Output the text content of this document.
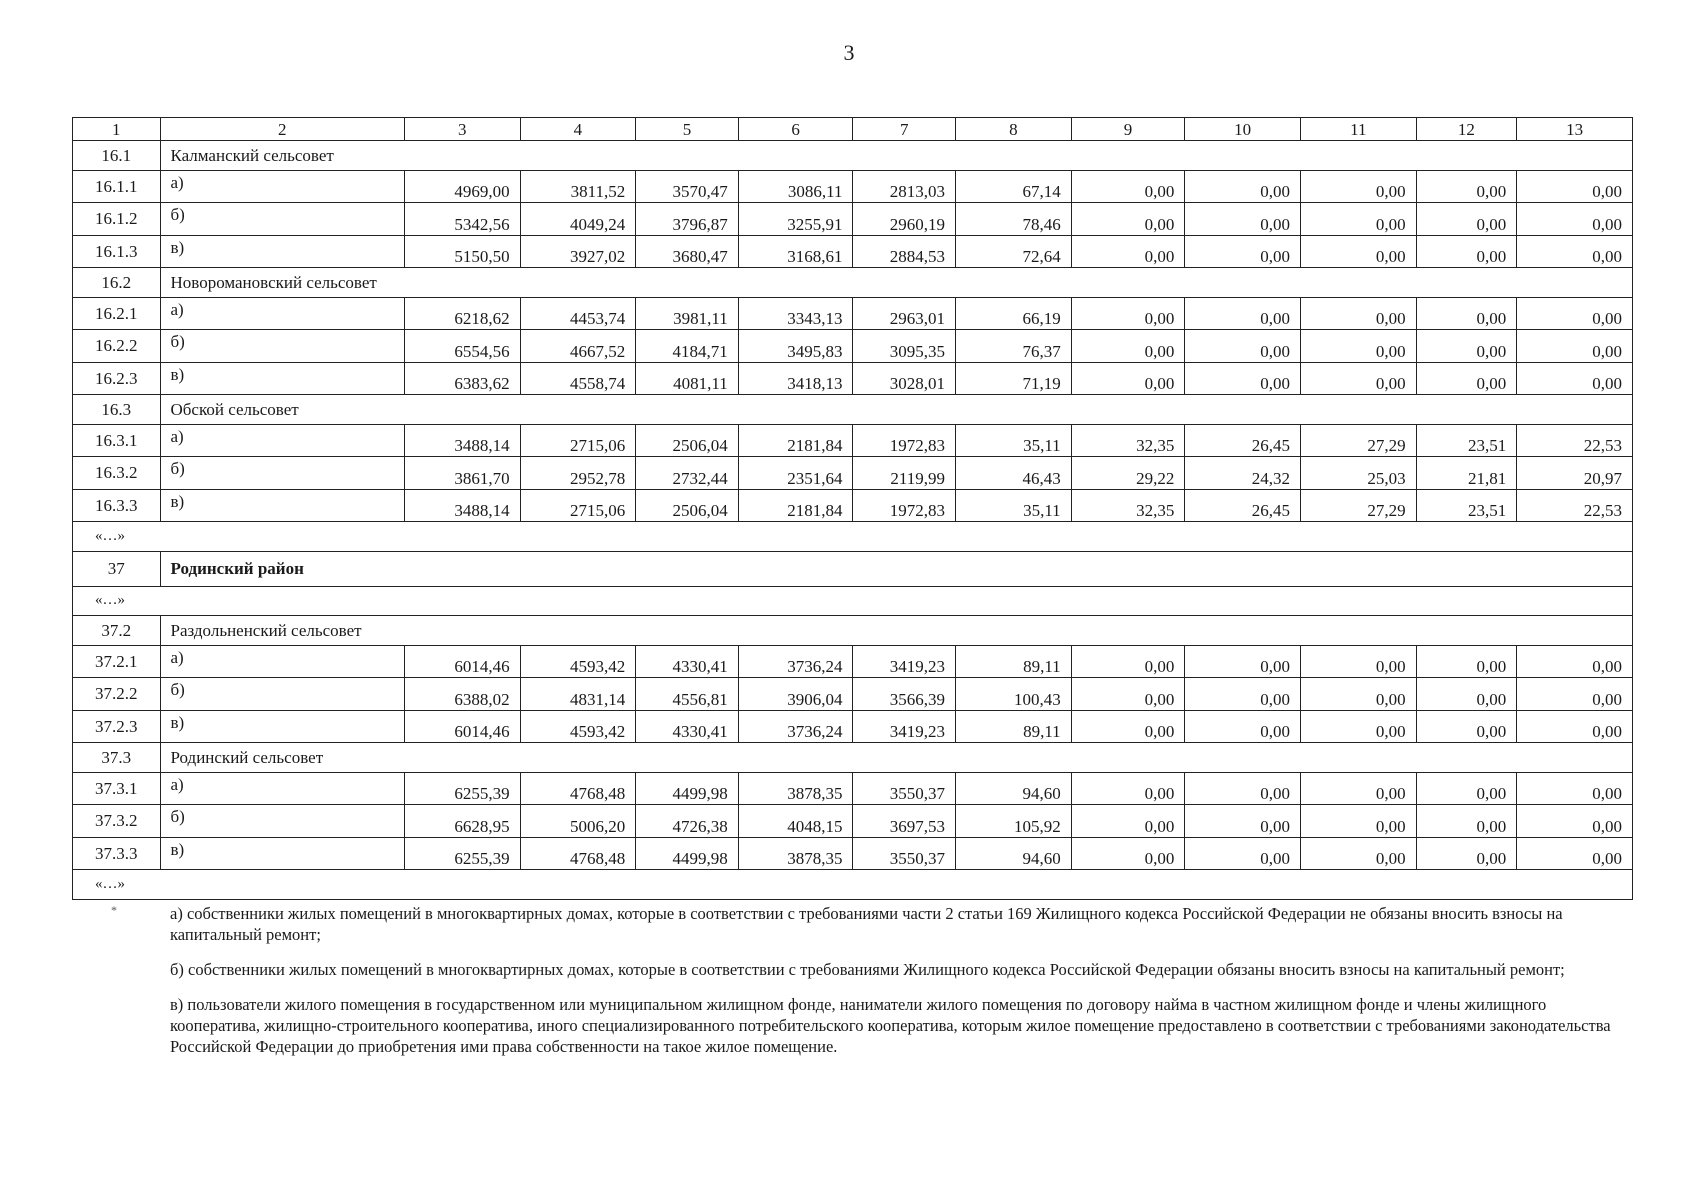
3
1	2	3	4	5	6	7	8	9	10	11	12	13
16.1	Калманский сельсовет											
16.1.1	а)	4969,00	3811,52	3570,47	3086,11	2813,03	67,14	0,00	0,00	0,00	0,00	0,00
16.1.2	б)	5342,56	4049,24	3796,87	3255,91	2960,19	78,46	0,00	0,00	0,00	0,00	0,00
16.1.3	в)	5150,50	3927,02	3680,47	3168,61	2884,53	72,64	0,00	0,00	0,00	0,00	0,00
16.2	Новоромановский сельсовет											
16.2.1	а)	6218,62	4453,74	3981,11	3343,13	2963,01	66,19	0,00	0,00	0,00	0,00	0,00
16.2.2	б)	6554,56	4667,52	4184,71	3495,83	3095,35	76,37	0,00	0,00	0,00	0,00	0,00
16.2.3	в)	6383,62	4558,74	4081,11	3418,13	3028,01	71,19	0,00	0,00	0,00	0,00	0,00
16.3	Обской сельсовет											
16.3.1	а)	3488,14	2715,06	2506,04	2181,84	1972,83	35,11	32,35	26,45	27,29	23,51	22,53
16.3.2	б)	3861,70	2952,78	2732,44	2351,64	2119,99	46,43	29,22	24,32	25,03	21,81	20,97
16.3.3	в)	3488,14	2715,06	2506,04	2181,84	1972,83	35,11	32,35	26,45	27,29	23,51	22,53
«…»												
37	Родинский район											
«…»												
37.2	Раздольненский сельсовет											
37.2.1	а)	6014,46	4593,42	4330,41	3736,24	3419,23	89,11	0,00	0,00	0,00	0,00	0,00
37.2.2	б)	6388,02	4831,14	4556,81	3906,04	3566,39	100,43	0,00	0,00	0,00	0,00	0,00
37.2.3	в)	6014,46	4593,42	4330,41	3736,24	3419,23	89,11	0,00	0,00	0,00	0,00	0,00
37.3	Родинский сельсовет											
37.3.1	а)	6255,39	4768,48	4499,98	3878,35	3550,37	94,60	0,00	0,00	0,00	0,00	0,00
37.3.2	б)	6628,95	5006,20	4726,38	4048,15	3697,53	105,92	0,00	0,00	0,00	0,00	0,00
37.3.3	в)	6255,39	4768,48	4499,98	3878,35	3550,37	94,60	0,00	0,00	0,00	0,00	0,00
«…»												
*	а) собственники жилых помещений в многоквартирных домах, которые в соответствии с требованиями части 2 статьи 169 Жилищного кодекса Российской Федерации не обязаны вносить взносы на капитальный ремонт;

б) собственники жилых помещений в многоквартирных домах, которые в соответствии с требованиями Жилищного кодекса Российской Федерации обязаны вносить взносы на капитальный ремонт;

в) пользователи жилого помещения в государственном или муниципальном жилищном фонде, наниматели жилого помещения по договору найма в частном жилищном фонде и члены жилищного кооператива, жилищно-строительного кооператива, иного специализированного потребительского кооператива, которым жилое помещение предоставлено в соответствии с требованиями законодательства Российской Федерации до приобретения ими права собственности на такое жилое помещение.
